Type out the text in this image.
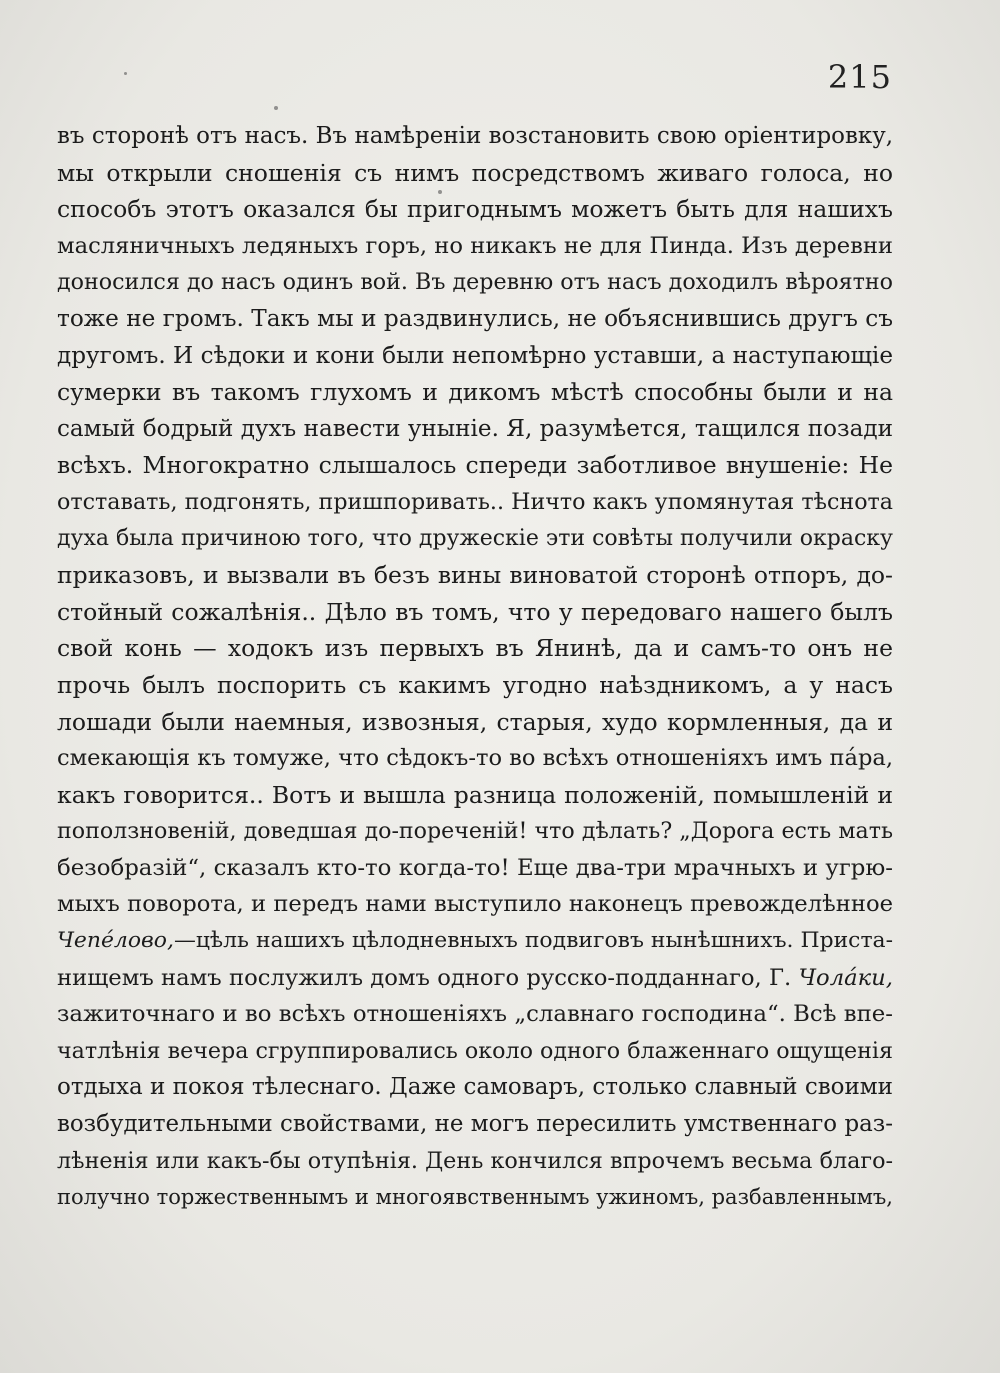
215
въ сторонѣ отъ насъ. Въ намѣреніи возстановить свою оріентировку,
мы открыли сношенія съ нимъ посредствомъ живаго голоса, но
способъ этотъ оказался бы пригоднымъ можетъ быть для нашихъ
масляничныхъ ледяныхъ горъ, но никакъ не для Пинда. Изъ деревни
доносился до насъ одинъ вой. Въ деревню отъ насъ доходилъ вѣроятно
тоже не громъ. Такъ мы и раздвинулись, не объяснившись другъ съ
другомъ. И сѣдоки и кони были непомѣрно уставши, а наступающіе
сумерки въ такомъ глухомъ и дикомъ мѣстѣ способны были и на
самый бодрый духъ навести уныніе. Я, разумѣется, тащился позади
всѣхъ. Многократно слышалось спереди заботливое внушеніе: Не
отставать, подгонять, пришпоривать.. Ничто какъ упомянутая тѣснота
духа была причиною того, что дружескіе эти совѣты получили окраску
приказовъ, и вызвали въ безъ вины виноватой сторонѣ отпоръ, до-
стойный сожалѣнія.. Дѣло въ томъ, что у передоваго нашего былъ
свой конь — ходокъ изъ первыхъ въ Янинѣ, да и самъ-то онъ не
прочь былъ поспорить съ какимъ угодно наѣздникомъ, а у насъ
лошади были наемныя, извозныя, старыя, худо кормленныя, да и
смекающія къ томуже, что сѣдокъ-то во всѣхъ отношеніяхъ имъ па́ра,
какъ говорится.. Вотъ и вышла разница положеній, помышленій и
поползновеній, доведшая до-пореченій! что дѣлать? „Дорога есть мать
безобразій“, сказалъ кто-то когда-то! Еще два-три мрачныхъ и угрю-
мыхъ поворота, и передъ нами выступило наконецъ превожделѣнное
Чепе́лово,—цѣль нашихъ цѣлодневныхъ подвиговъ нынѣшнихъ. Приста-
нищемъ намъ послужилъ домъ одного русско-подданнаго, Г. Чола́ки,
зажиточнаго и во всѣхъ отношеніяхъ „славнаго господина“. Всѣ впе-
чатлѣнія вечера сгруппировались около одного блаженнаго ощущенія
отдыха и покоя тѣлеснаго. Даже самоваръ, столько славный своими
возбудительными свойствами, не могъ пересилить умственнаго раз-
лѣненія или какъ-бы отупѣнія. День кончился впрочемъ весьма благо-
получно торжественнымъ и многоявственнымъ ужиномъ, разбавленнымъ,
